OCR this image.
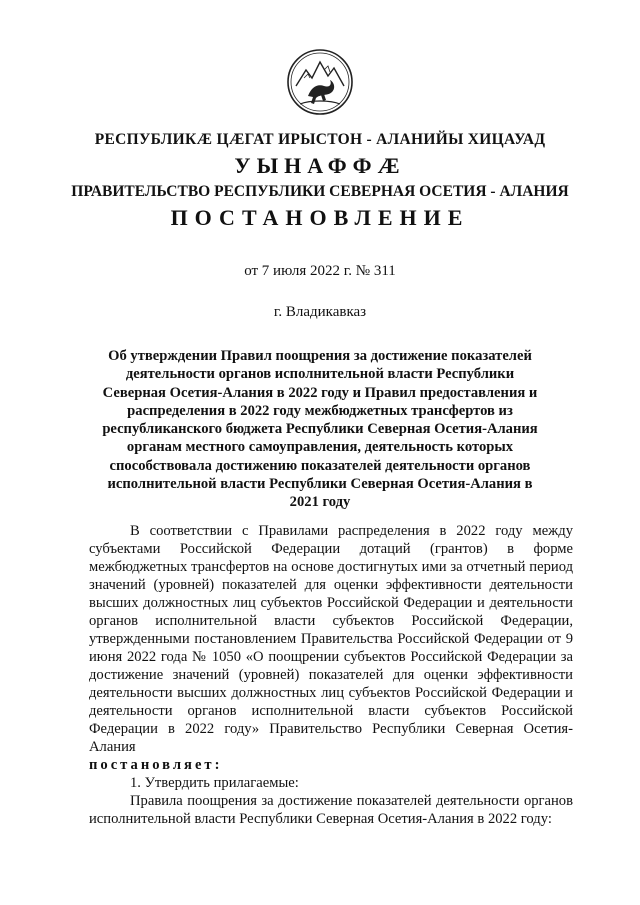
РЕСПУБЛИКӔ ЦӔГАТ ИРЫСТОН - АЛАНИЙЫ ХИЦАУАД
УЫНАФФӔ
ПРАВИТЕЛЬСТВО РЕСПУБЛИКИ СЕВЕРНАЯ ОСЕТИЯ - АЛАНИЯ
ПОСТАНОВЛЕНИЕ
от 7 июля 2022 г. № 311
г. Владикавказ
Об утверждении Правил поощрения за достижение показателей деятельности органов исполнительной власти Республики Северная Осетия-Алания в 2022 году и Правил предоставления и распределения в 2022 году межбюджетных трансфертов из республиканского бюджета Республики Северная Осетия-Алания органам местного самоуправления, деятельность которых способствовала достижению показателей деятельности органов исполнительной власти Республики Северная Осетия-Алания в 2021 году

В соответствии с Правилами распределения в 2022 году между субъектами Российской Федерации дотаций (грантов) в форме межбюджетных трансфертов на основе достигнутых ими за отчетный период значений (уровней) показателей для оценки эффективности деятельности высших должностных лиц субъектов Российской Федерации и деятельности органов исполнительной власти субъектов Российской Федерации, утвержденными постановлением Правительства Российской Федерации от 9 июня 2022 года № 1050 «О поощрении субъектов Российской Федерации за достижение значений (уровней) показателей для оценки эффективности деятельности высших должностных лиц субъектов Российской Федерации и деятельности органов исполнительной власти субъектов Российской Федерации в 2022 году» Правительство Республики Северная Осетия-Алания

постановляет:

1. Утвердить прилагаемые:

Правила поощрения за достижение показателей деятельности органов исполнительной власти Республики Северная Осетия-Алания в 2022 году:
